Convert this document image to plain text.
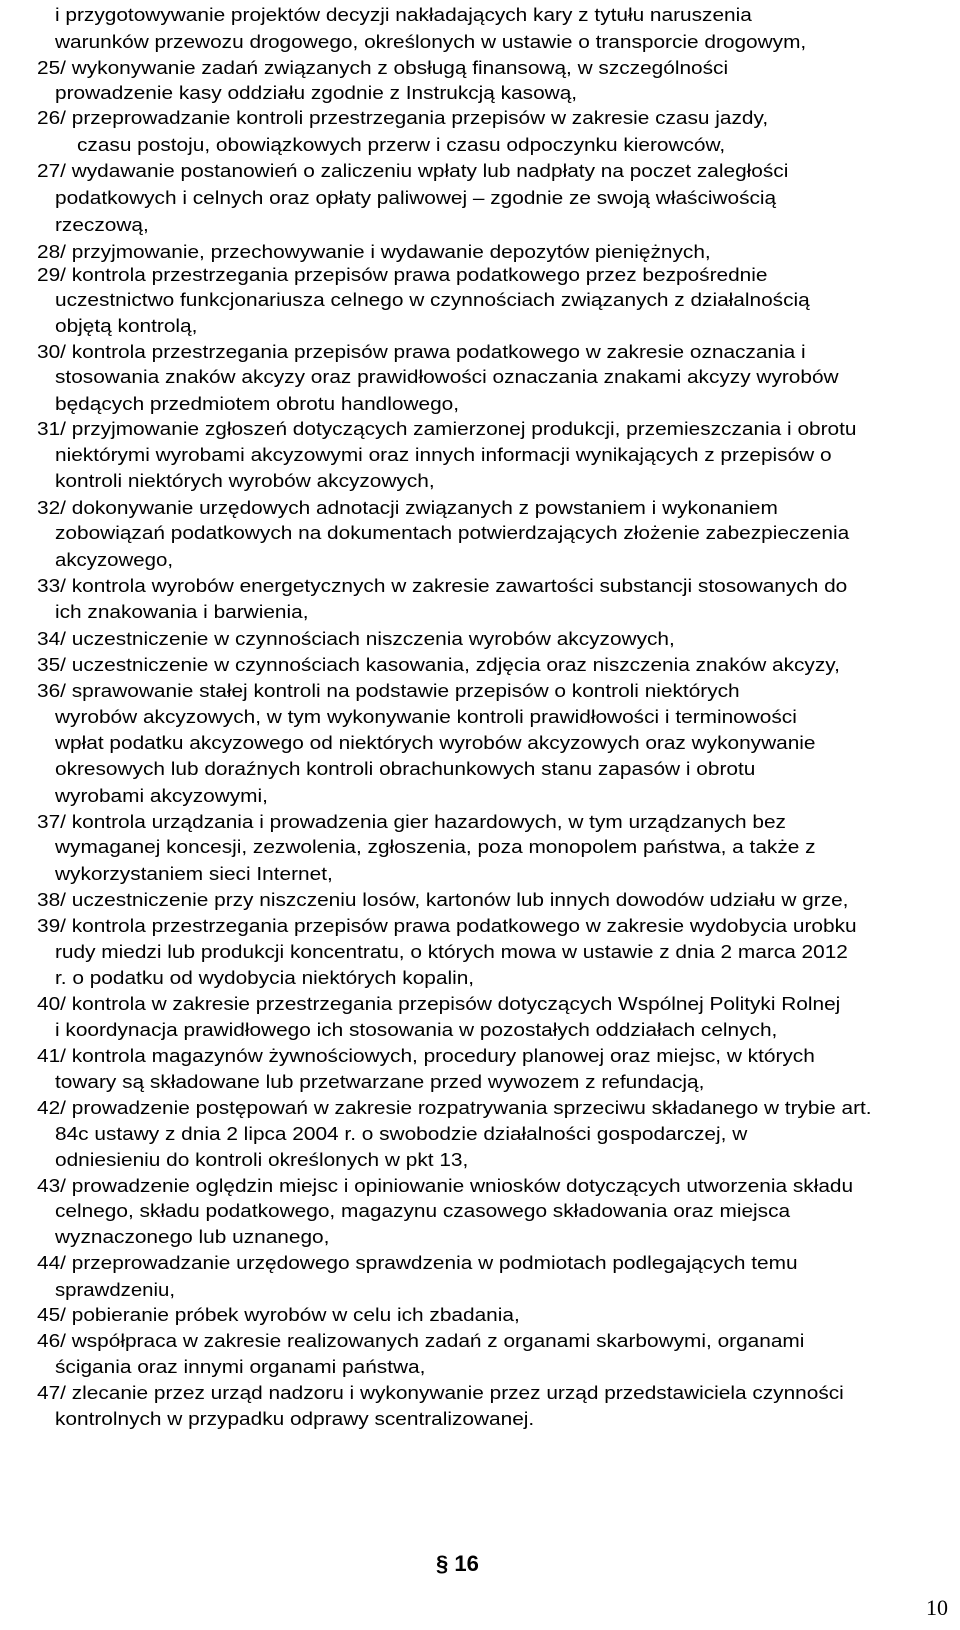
i przygotowywanie projektów decyzji nakładających kary z tytułu naruszenia
warunków przewozu drogowego, określonych w ustawie o transporcie drogowym,
25/ wykonywanie zadań związanych z obsługą finansową, w szczególności
prowadzenie kasy oddziału zgodnie z Instrukcją kasową,
26/ przeprowadzanie kontroli przestrzegania przepisów w zakresie czasu jazdy,
czasu postoju, obowiązkowych przerw i czasu odpoczynku kierowców,
27/ wydawanie postanowień o zaliczeniu wpłaty lub nadpłaty na poczet zaległości
podatkowych i celnych oraz opłaty paliwowej – zgodnie ze swoją właściwością
rzeczową,
28/ przyjmowanie, przechowywanie i wydawanie depozytów pieniężnych,
29/ kontrola przestrzegania przepisów prawa podatkowego przez bezpośrednie
uczestnictwo funkcjonariusza celnego w czynnościach związanych z działalnością
objętą kontrolą,
30/ kontrola przestrzegania przepisów prawa podatkowego w zakresie oznaczania i
stosowania znaków akcyzy oraz prawidłowości oznaczania znakami akcyzy wyrobów
będących przedmiotem obrotu handlowego,
31/ przyjmowanie zgłoszeń dotyczących zamierzonej produkcji, przemieszczania i obrotu
niektórymi wyrobami akcyzowymi oraz innych informacji wynikających z przepisów o
kontroli niektórych wyrobów akcyzowych,
32/ dokonywanie urzędowych adnotacji związanych z powstaniem i wykonaniem
zobowiązań podatkowych na dokumentach potwierdzających złożenie zabezpieczenia
akcyzowego,
33/ kontrola wyrobów energetycznych w zakresie zawartości substancji stosowanych do
ich znakowania i barwienia,
34/ uczestniczenie w czynnościach niszczenia wyrobów akcyzowych,
35/ uczestniczenie w czynnościach kasowania, zdjęcia oraz niszczenia znaków akcyzy,
36/ sprawowanie stałej kontroli na podstawie przepisów o kontroli niektórych
wyrobów akcyzowych, w tym wykonywanie kontroli prawidłowości i terminowości
wpłat podatku akcyzowego od niektórych wyrobów akcyzowych oraz wykonywanie
okresowych lub doraźnych kontroli obrachunkowych stanu zapasów i obrotu
wyrobami akcyzowymi,
37/ kontrola urządzania i prowadzenia gier hazardowych, w tym urządzanych bez
wymaganej koncesji, zezwolenia, zgłoszenia, poza monopolem państwa, a także z
wykorzystaniem sieci Internet,
38/ uczestniczenie przy niszczeniu losów, kartonów lub innych dowodów udziału w grze,
39/ kontrola przestrzegania przepisów prawa podatkowego w zakresie wydobycia urobku
rudy miedzi lub produkcji koncentratu, o których mowa w ustawie z dnia 2 marca 2012
r. o podatku od wydobycia niektórych kopalin,
40/ kontrola w zakresie przestrzegania przepisów dotyczących Wspólnej Polityki Rolnej
i koordynacja prawidłowego ich stosowania w pozostałych oddziałach celnych,
41/ kontrola magazynów żywnościowych, procedury planowej oraz miejsc, w których
towary są składowane lub przetwarzane przed wywozem z refundacją,
42/ prowadzenie postępowań w zakresie rozpatrywania sprzeciwu składanego w trybie art.
84c ustawy z dnia 2 lipca 2004 r. o swobodzie działalności gospodarczej, w
odniesieniu do kontroli określonych w pkt 13,
43/ prowadzenie oględzin miejsc i opiniowanie wniosków dotyczących utworzenia składu
celnego, składu podatkowego, magazynu czasowego składowania oraz miejsca
wyznaczonego lub uznanego,
44/ przeprowadzanie urzędowego sprawdzenia w podmiotach podlegających temu
sprawdzeniu,
45/ pobieranie próbek wyrobów w celu ich zbadania,
46/ współpraca w zakresie realizowanych zadań z organami skarbowymi, organami
ścigania oraz innymi organami państwa,
47/ zlecanie przez urząd nadzoru i wykonywanie przez urząd przedstawiciela czynności
kontrolnych w przypadku odprawy scentralizowanej.
§ 16
10
